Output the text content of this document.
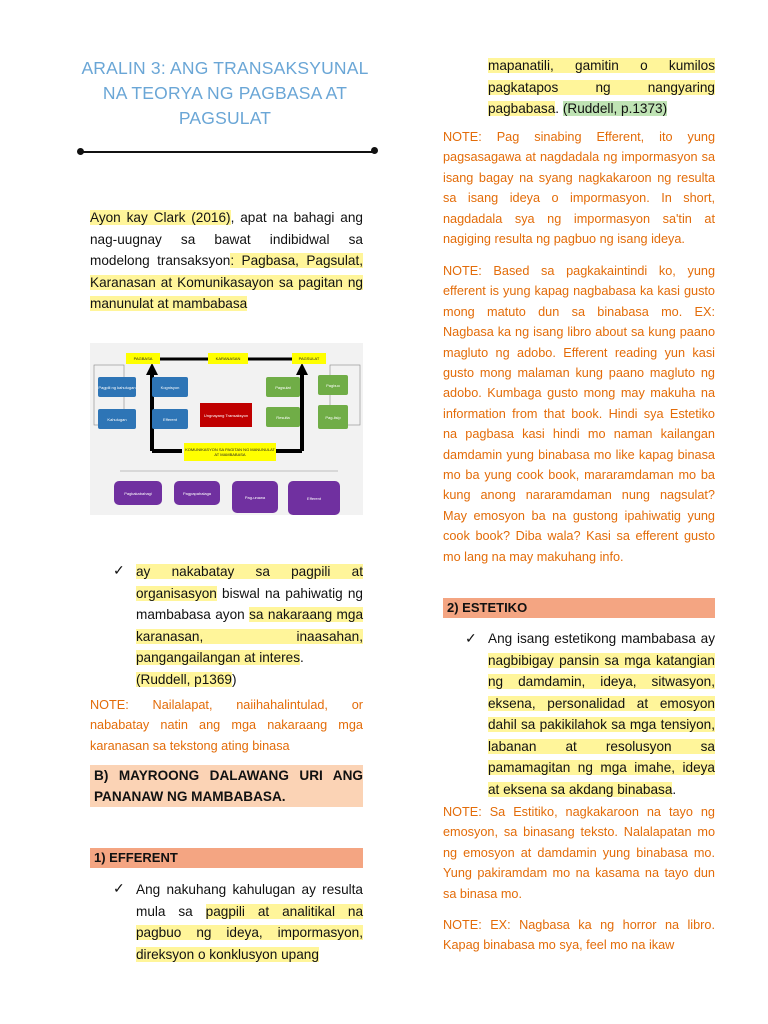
ARALIN 3: ANG TRANSAKSYUNAL NA TEORYA NG PAGBASA AT PAGSULAT
Ayon kay Clark (2016), apat na bahagi ang nag-uugnay sa bawat indibidwal sa modelong transaksyon: Pagbasa, Pagsulat, Karanasan at Komunikasayon sa pagitan ng manunulat at mambabasa
PAGBASA	KARANASAN	PAGSULAT
Pagpili ng kahulugan	Kognisyon
Kahulugan	Efferent
Ungnayang Transaksyon
Pagsulat	Pagbuo
Resulta	Pag-iisip
KOMUNIKASYON SA PAGITAN NG MANUNULAT AT MAMBABASA
Pagkakabahagi	Pagpapahalaga
Pag-unawa	Efferent
✓ ay nakabatay sa pagpili at organisasyon biswal na pahiwatig ng mambabasa ayon sa nakaraang mga karanasan, inaasahan, pangangailangan at interes.
(Ruddell, p1369)
NOTE: Nailalapat, naiihahalintulad, or nababatay natin ang mga nakaraang mga karanasan sa tekstong ating binasa
B) MAYROONG DALAWANG URI ANG PANANAW NG MAMBABASA.
1) EFFERENT
✓ Ang nakuhang kahulugan ay resulta mula sa pagpili at analitikal na pagbuo ng ideya, impormasyon, direksyon o konklusyon upang
mapanatili, gamitin o kumilos pagkatapos ng nangyaring pagbabasa. (Ruddell, p.1373)
NOTE: Pag sinabing Efferent, ito yung pagsasagawa at nagdadala ng impormasyon sa isang bagay na syang nagkakaroon ng resulta sa isang ideya o impormasyon. In short, nagdadala sya ng impormasyon sa'tin at nagiging resulta ng pagbuo ng isang ideya.
NOTE: Based sa pagkakaintindi ko, yung efferent is yung kapag nagbabasa ka kasi gusto mong matuto dun sa binabasa mo. EX: Nagbasa ka ng isang libro about sa kung paano magluto ng adobo. Efferent reading yun kasi gusto mong malaman kung paano magluto ng adobo. Kumbaga gusto mong may makuha na information from that book. Hindi sya Estetiko na pagbasa kasi hindi mo naman kailangan damdamin yung binabasa mo like kapag binasa mo ba yung cook book, mararamdaman mo ba kung anong nararamdaman nung nagsulat? May emosyon ba na gustong ipahiwatig yung cook book? Diba wala? Kasi sa efferent gusto mo lang na may makuhang info.
2) ESTETIKO
✓ Ang isang estetikong mambabasa ay nagbibigay pansin sa mga katangian ng damdamin, ideya, sitwasyon, eksena, personalidad at emosyon dahil sa pakikilahok sa mga tensiyon, labanan at resolusyon sa pamamagitan ng mga imahe, ideya at eksena sa akdang binabasa.
NOTE: Sa Estitiko, nagkakaroon na tayo ng emosyon, sa binasang teksto. Nalalapatan mo ng emosyon at damdamin yung binabasa mo. Yung pakiramdam mo na kasama na tayo dun sa binasa mo.
NOTE: EX: Nagbasa ka ng horror na libro. Kapag binabasa mo sya, feel mo na ikaw
